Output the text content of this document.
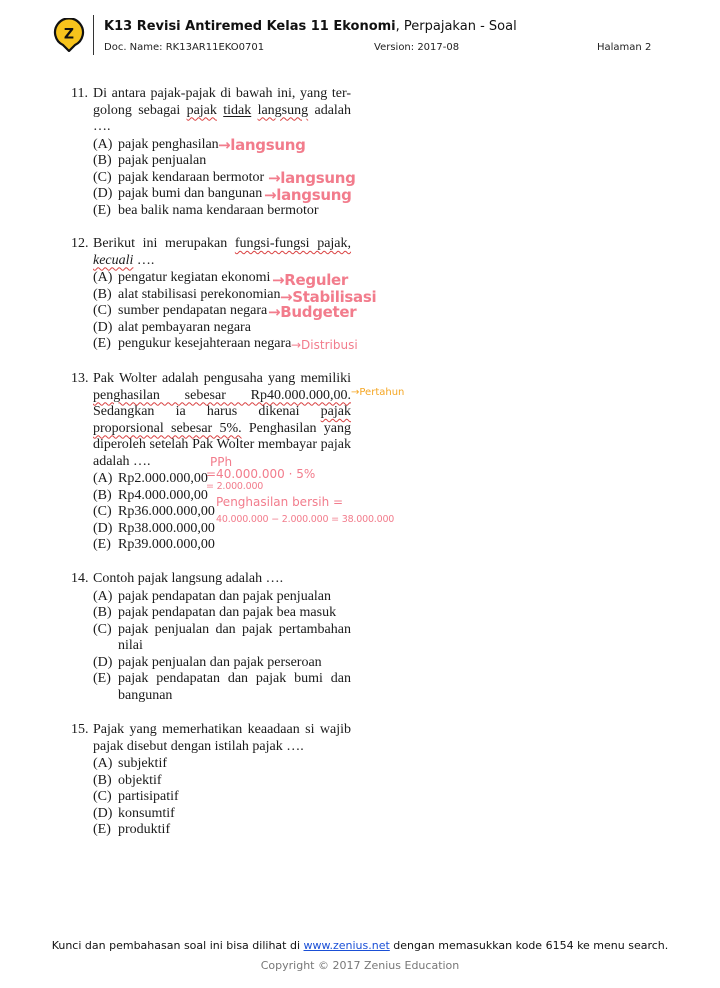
Z K13 Revisi Antiremed Kelas 11 Ekonomi, Perpajakan - Soal
Doc. Name: RK13AR11EKO0701	Version: 2017-08	Halaman 2
11. Di antara pajak-pajak di bawah ini, yang ter-golong sebagai pajak tidak langsung adalah ….
(A) pajak penghasilan
(B) pajak penjualan
(C) pajak kendaraan bermotor
(D) pajak bumi dan bangunan
(E) bea balik nama kendaraan bermotor
→langsung
→langsung
→langsung
12. Berikut ini merupakan fungsi-fungsi pajak, kecuali ….
(A) pengatur kegiatan ekonomi
(B) alat stabilisasi perekonomian
(C) sumber pendapatan negara
(D) alat pembayaran negara
(E) pengukur kesejahteraan negara
→Reguler
→Stabilisasi
→Budgeter
→Distribusi
13. Pak Wolter adalah pengusaha yang memiliki penghasilan sebesar Rp40.000.000,00. Sedangkan ia harus dikenai pajak proporsional sebesar 5%. Penghasilan yang diperoleh setelah Pak Wolter membayar pajak adalah ….
(A) Rp2.000.000,00
(B) Rp4.000.000,00
(C) Rp36.000.000,00
(D) Rp38.000.000,00
(E) Rp39.000.000,00
→Pertahun
PPh
=40.000.000 · 5%
= 2.000.000
Penghasilan bersih =
40.000.000 − 2.000.000 = 38.000.000
14. Contoh pajak langsung adalah ….
(A) pajak pendapatan dan pajak penjualan
(B) pajak pendapatan dan pajak bea masuk
(C) pajak penjualan dan pajak pertambahan nilai
(D) pajak penjualan dan pajak perseroan
(E) pajak pendapatan dan pajak bumi dan bangunan
15. Pajak yang memerhatikan keaadaan si wajib pajak disebut dengan istilah pajak ….
(A) subjektif
(B) objektif
(C) partisipatif
(D) konsumtif
(E) produktif
Kunci dan pembahasan soal ini bisa dilihat di www.zenius.net dengan memasukkan kode 6154 ke menu search.
Copyright © 2017 Zenius Education
